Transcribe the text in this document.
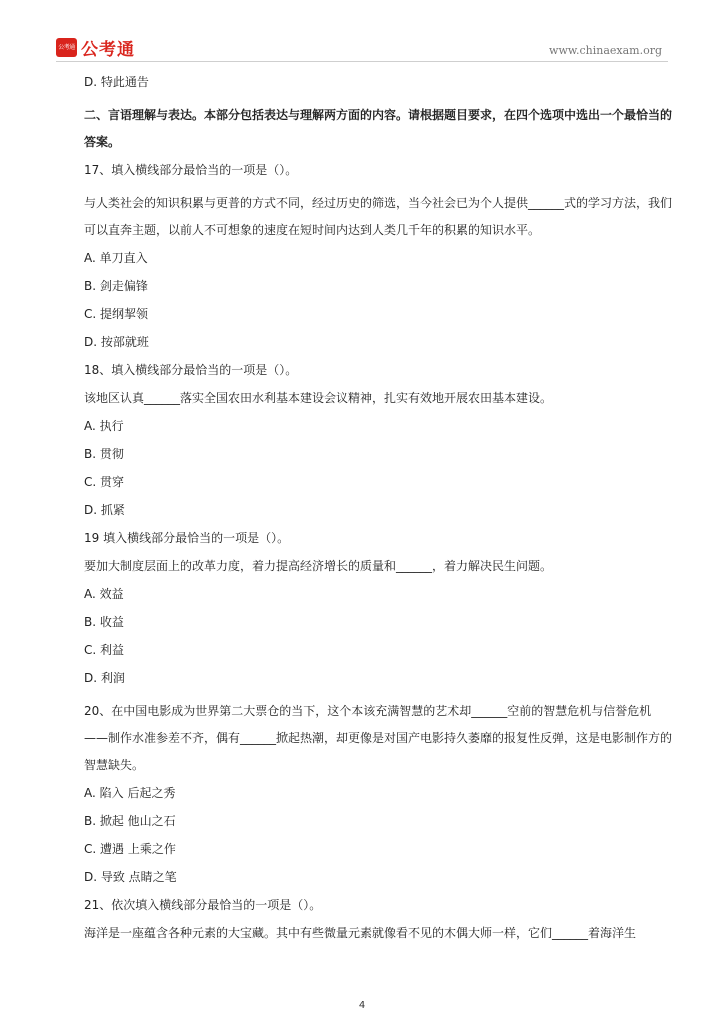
公考通 公考通	www.chinaexam.org

D. 特此通告

二、言语理解与表达。本部分包括表达与理解两方面的内容。请根据题目要求，在四个选项中选出一个最恰当的答案。

17、填入横线部分最恰当的一项是（）。

与人类社会的知识积累与更普的方式不同，经过历史的筛选，当今社会已为个人提供______式的学习方法，我们可以直奔主题，以前人不可想象的速度在短时间内达到人类几千年的积累的知识水平。

A. 单刀直入

B. 剑走偏锋

C. 提纲挈领

D. 按部就班

18、填入横线部分最恰当的一项是（）。

该地区认真______落实全国农田水利基本建设会议精神，扎实有效地开展农田基本建设。

A. 执行

B. 贯彻

C. 贯穿

D. 抓紧

19 填入横线部分最恰当的一项是（）。

要加大制度层面上的改革力度，着力提高经济增长的质量和______，着力解决民生问题。

A. 效益

B. 收益

C. 利益

D. 利润

20、在中国电影成为世界第二大票仓的当下，这个本该充满智慧的艺术却______空前的智慧危机与信誉危机——制作水准参差不齐，偶有______掀起热潮，却更像是对国产电影持久萎靡的报复性反弹，这是电影制作方的智慧缺失。

A. 陷入 后起之秀

B. 掀起 他山之石

C. 遭遇 上乘之作

D. 导致 点睛之笔

21、依次填入横线部分最恰当的一项是（）。

海洋是一座蕴含各种元素的大宝藏。其中有些微量元素就像看不见的木偶大师一样，它们______着海洋生

4
